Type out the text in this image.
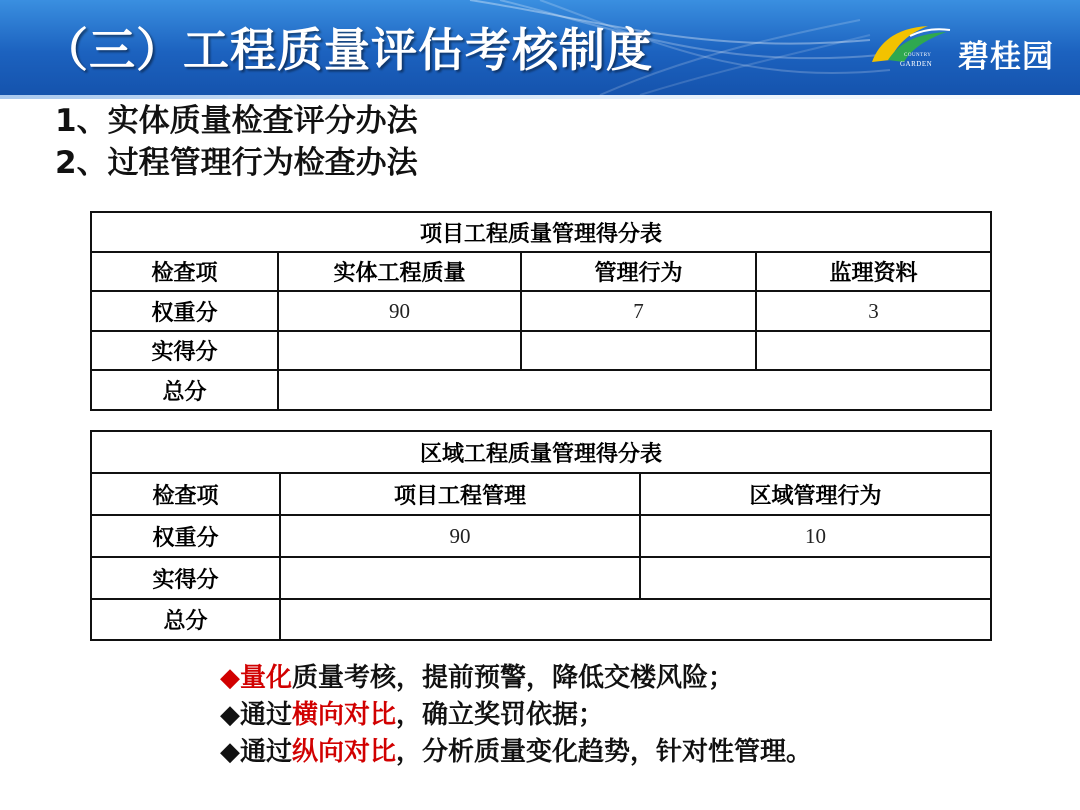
（三）工程质量评估考核制度	COUNTRY
GARDEN 碧桂园
1、实体质量检查评分办法
2、过程管理行为检查办法
项目工程质量管理得分表			
检查项	实体工程质量	管理行为	监理资料
权重分	90	7	3
实得分			
总分			
区域工程质量管理得分表		
检查项	项目工程管理	区域管理行为
权重分	90	10
实得分		
总分		
◆量化质量考核，提前预警，降低交楼风险；
◆通过横向对比，确立奖罚依据；
◆通过纵向对比，分析质量变化趋势，针对性管理。
